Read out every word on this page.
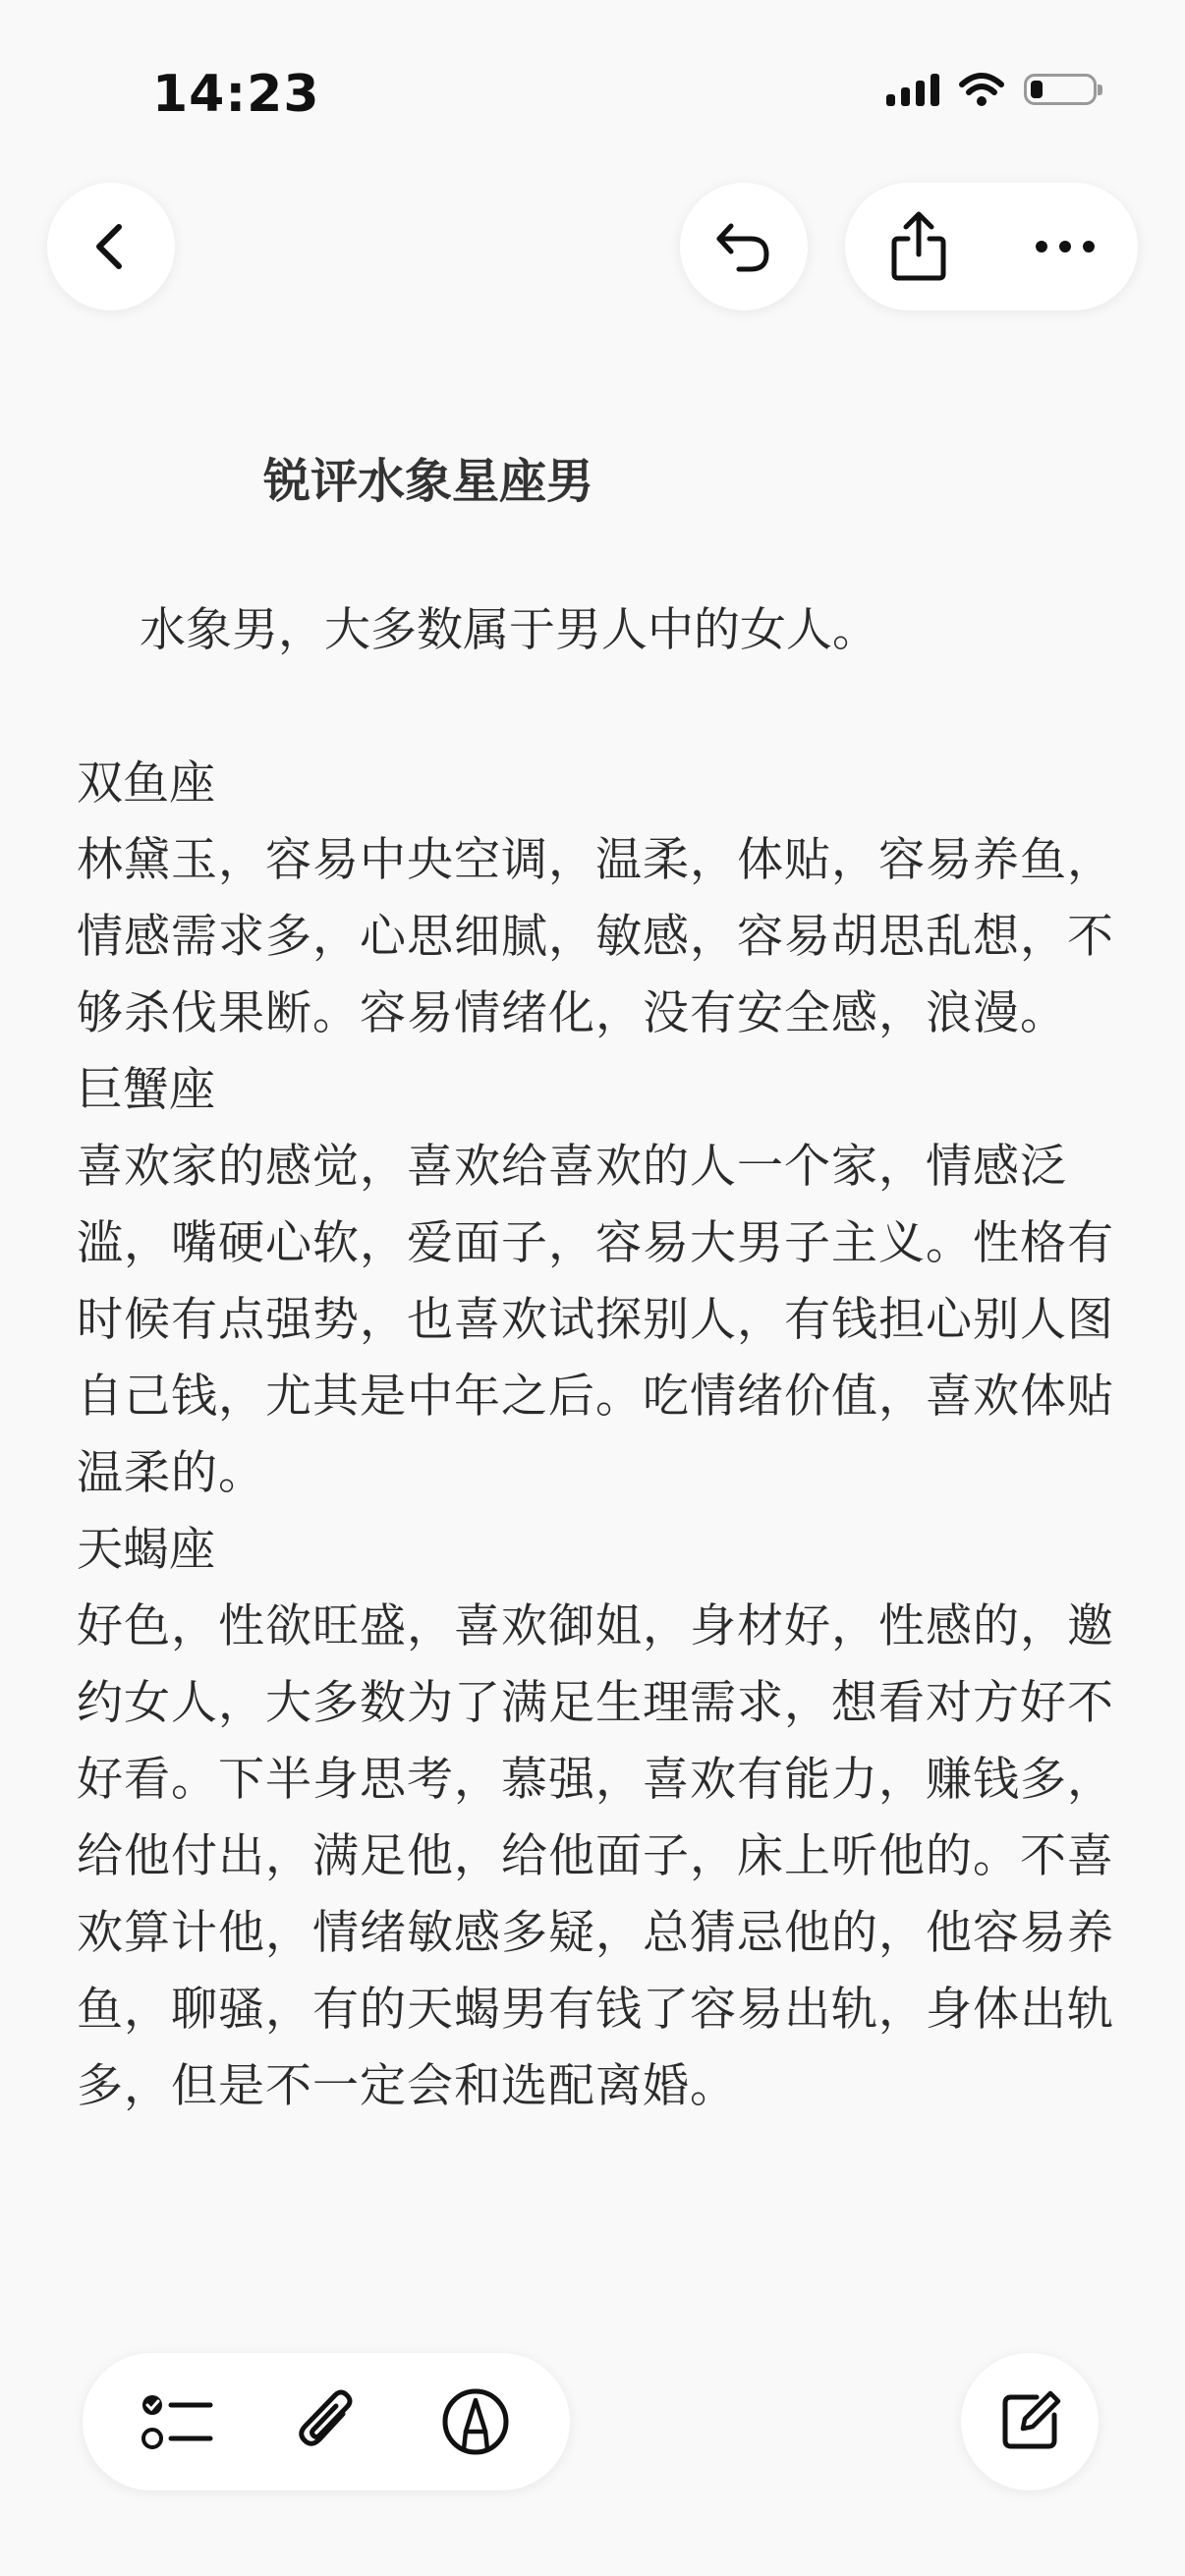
14:23
锐评水象星座男
水象男，大多数属于男人中的女人。
双鱼座
林黛玉，容易中央空调，温柔，体贴，容易养鱼，情感需求多，心思细腻，敏感，容易胡思乱想，不够杀伐果断。容易情绪化，没有安全感，浪漫。
巨蟹座
喜欢家的感觉，喜欢给喜欢的人一个家，情感泛滥，嘴硬心软，爱面子，容易大男子主义。性格有时候有点强势，也喜欢试探别人，有钱担心别人图自己钱，尤其是中年之后。吃情绪价值，喜欢体贴温柔的。
天蝎座
好色，性欲旺盛，喜欢御姐，身材好，性感的，邀约女人，大多数为了满足生理需求，想看对方好不好看。下半身思考，慕强，喜欢有能力，赚钱多，给他付出，满足他，给他面子，床上听他的。不喜欢算计他，情绪敏感多疑，总猜忌他的，他容易养鱼，聊骚，有的天蝎男有钱了容易出轨，身体出轨多，但是不一定会和选配离婚。
